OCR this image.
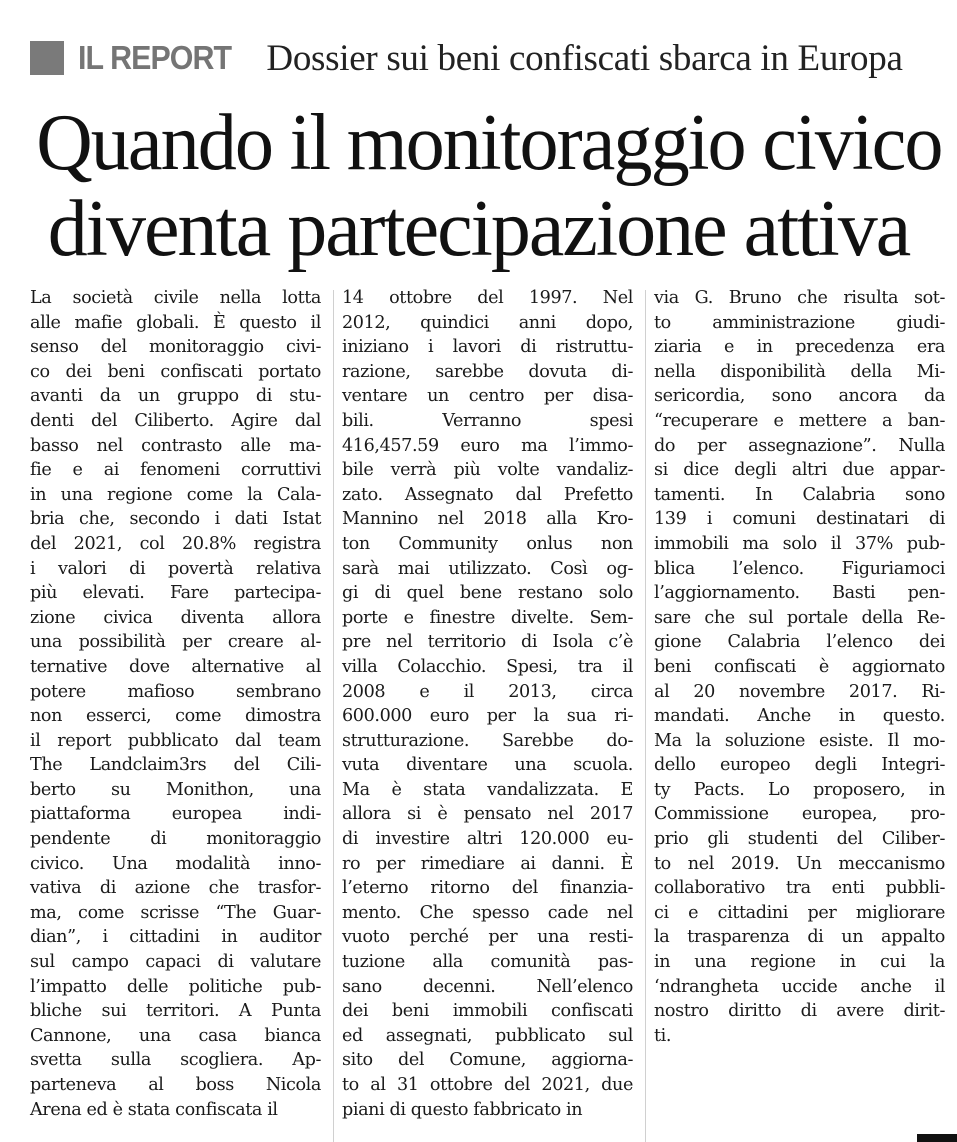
IL REPORT Dossier sui beni confiscati sbarca in Europa
Quando il monitoraggio civico
diventa partecipazione attiva
La società civile nella lotta
alle mafie globali. È questo il
senso del monitoraggio civi-
co dei beni confiscati portato
avanti da un gruppo di stu-
denti del Ciliberto. Agire dal
basso nel contrasto alle ma-
fie e ai fenomeni corruttivi
in una regione come la Cala-
bria che, secondo i dati Istat
del 2021, col 20.8% registra
i valori di povertà relativa
più elevati. Fare partecipa-
zione civica diventa allora
una possibilità per creare al-
ternative dove alternative al
potere mafioso sembrano
non esserci, come dimostra
il report pubblicato dal team
The Landclaim3rs del Cili-
berto su Monithon, una
piattaforma europea indi-
pendente di monitoraggio
civico. Una modalità inno-
vativa di azione che trasfor-
ma, come scrisse “The Guar-
dian”, i cittadini in auditor
sul campo capaci di valutare
l’impatto delle politiche pub-
bliche sui territori. A Punta
Cannone, una casa bianca
svetta sulla scogliera. Ap-
parteneva al boss Nicola
Arena ed è stata confiscata il
14 ottobre del 1997. Nel
2012, quindici anni dopo,
iniziano i lavori di ristruttu-
razione, sarebbe dovuta di-
ventare un centro per disa-
bili. Verranno spesi
416,457.59 euro ma l’immo-
bile verrà più volte vandaliz-
zato. Assegnato dal Prefetto
Mannino nel 2018 alla Kro-
ton Community onlus non
sarà mai utilizzato. Così og-
gi di quel bene restano solo
porte e finestre divelte. Sem-
pre nel territorio di Isola c’è
villa Colacchio. Spesi, tra il
2008 e il 2013, circa
600.000 euro per la sua ri-
strutturazione. Sarebbe do-
vuta diventare una scuola.
Ma è stata vandalizzata. E
allora si è pensato nel 2017
di investire altri 120.000 eu-
ro per rimediare ai danni. È
l’eterno ritorno del finanzia-
mento. Che spesso cade nel
vuoto perché per una resti-
tuzione alla comunità pas-
sano decenni. Nell’elenco
dei beni immobili confiscati
ed assegnati, pubblicato sul
sito del Comune, aggiorna-
to al 31 ottobre del 2021, due
piani di questo fabbricato in
via G. Bruno che risulta sot-
to amministrazione giudi-
ziaria e in precedenza era
nella disponibilità della Mi-
sericordia, sono ancora da
“recuperare e mettere a ban-
do per assegnazione”. Nulla
si dice degli altri due appar-
tamenti. In Calabria sono
139 i comuni destinatari di
immobili ma solo il 37% pub-
blica l’elenco. Figuriamoci
l’aggiornamento. Basti pen-
sare che sul portale della Re-
gione Calabria l’elenco dei
beni confiscati è aggiornato
al 20 novembre 2017. Ri-
mandati. Anche in questo.
Ma la soluzione esiste. Il mo-
dello europeo degli Integri-
ty Pacts. Lo proposero, in
Commissione europea, pro-
prio gli studenti del Ciliber-
to nel 2019. Un meccanismo
collaborativo tra enti pubbli-
ci e cittadini per migliorare
la trasparenza di un appalto
in una regione in cui la
‘ndrangheta uccide anche il
nostro diritto di avere dirit-
ti.
